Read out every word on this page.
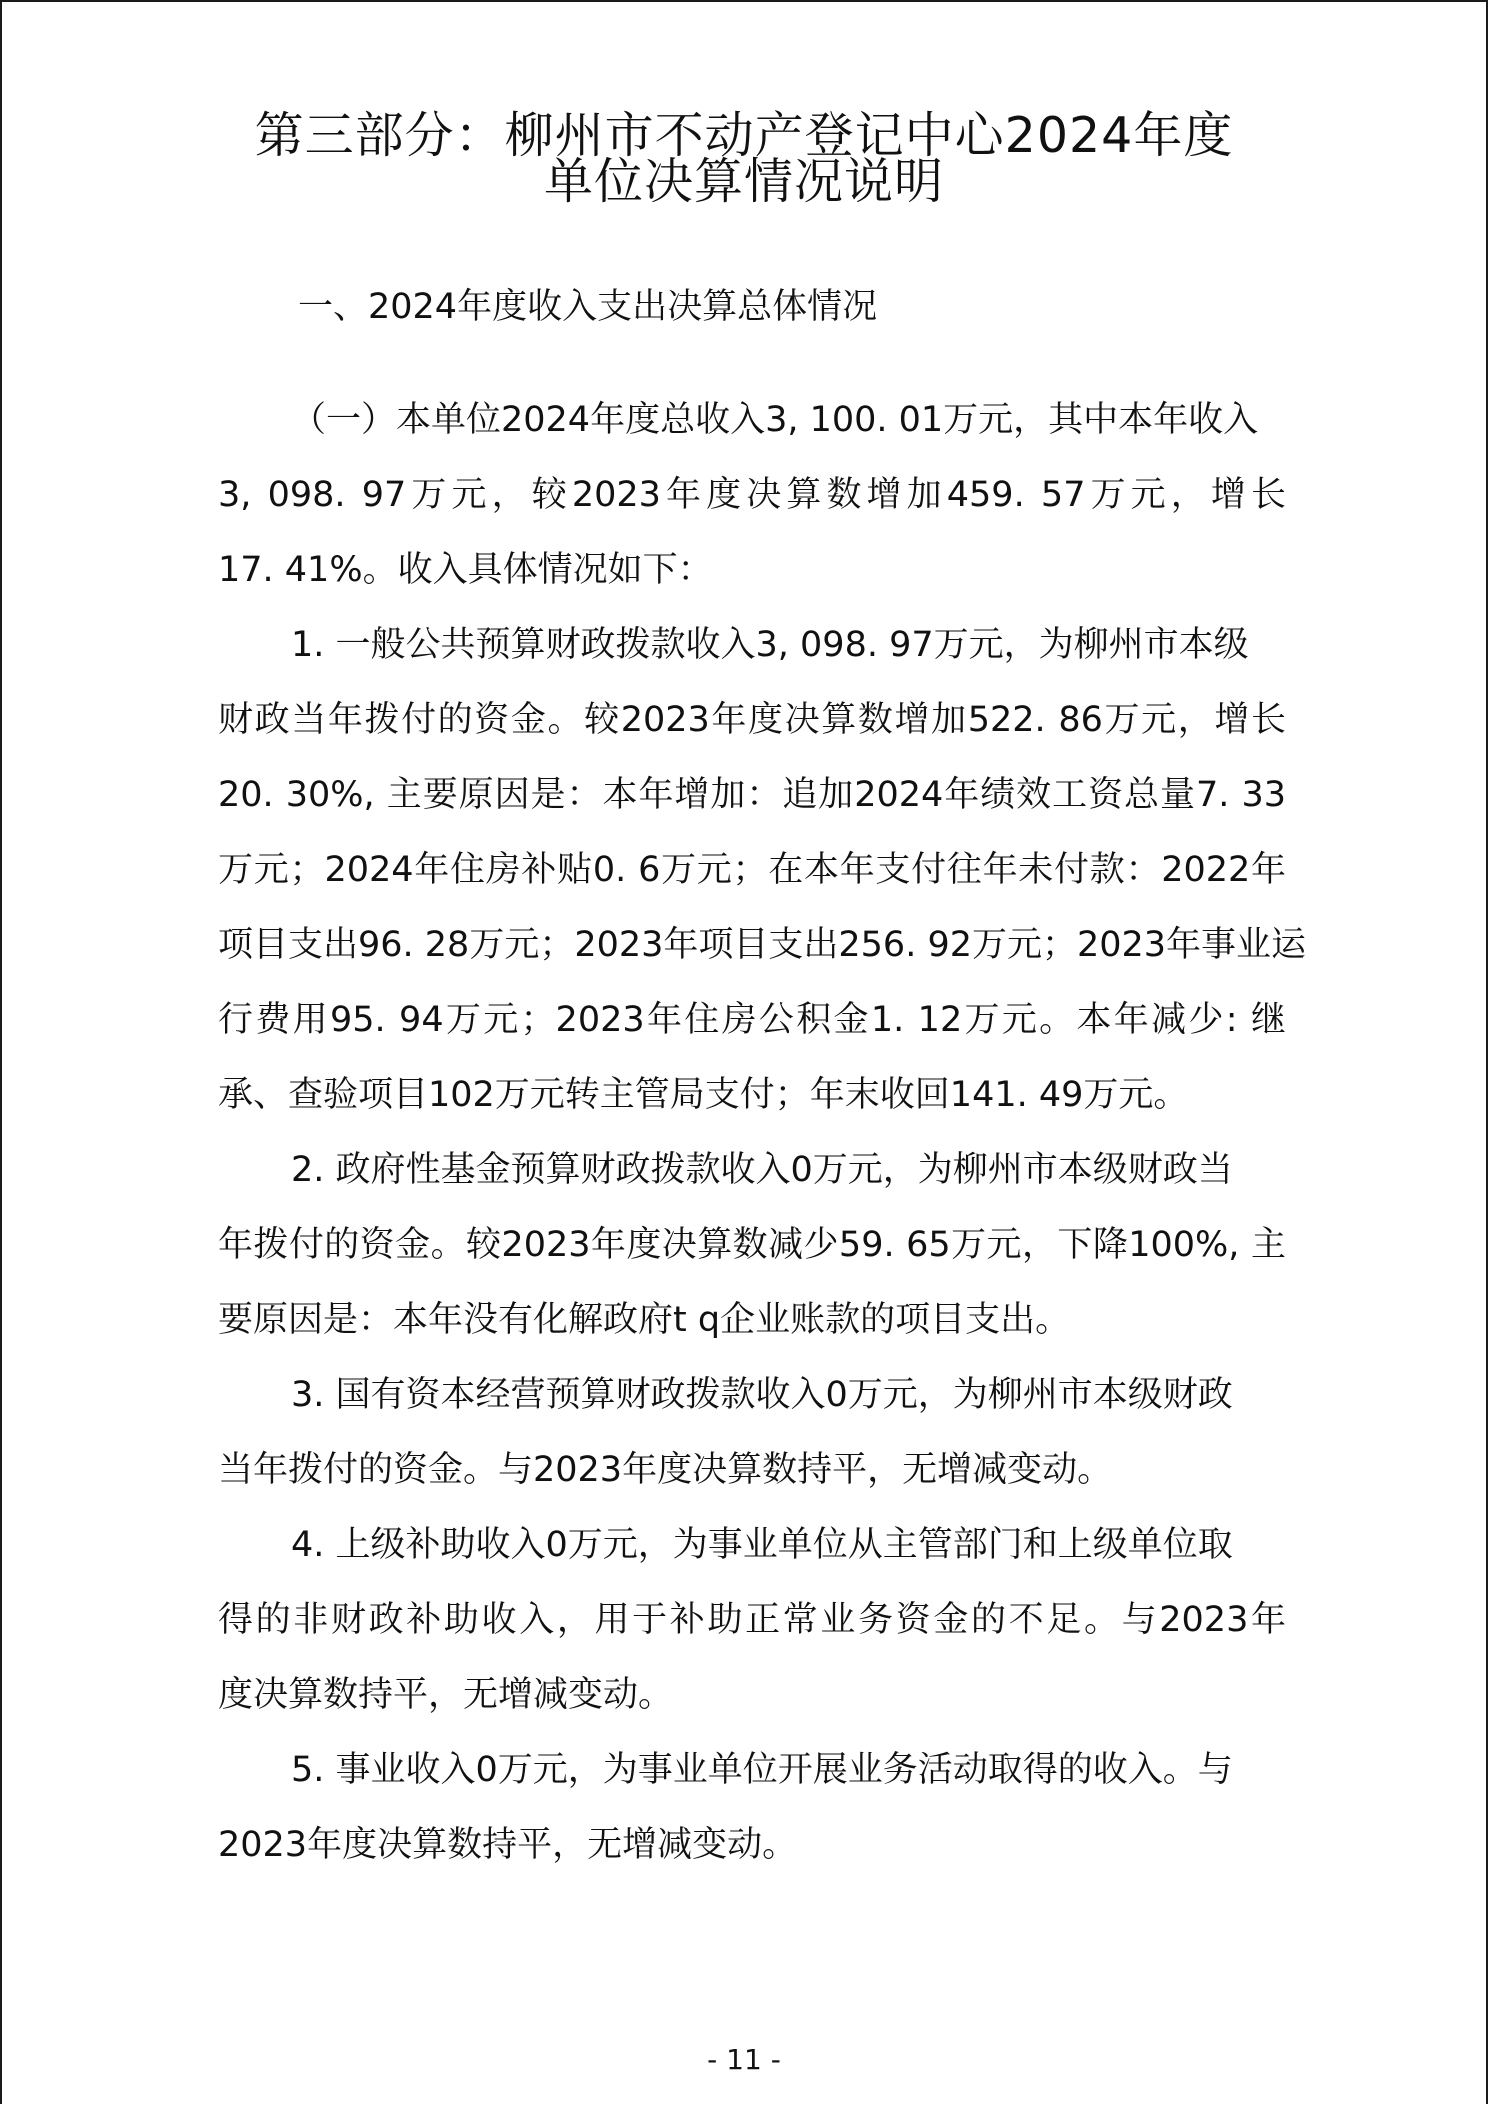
第三部分：柳州市不动产登记中心2024年度
单位决算情况说明
一、2024年度收入支出决算总体情况
（一）本单位2024年度总收入3, 100. 01万元，其中本年收入
3, 098. 97万元，较2023年度决算数增加459. 57万元，增长
17. 41%。收入具体情况如下：
1. 一般公共预算财政拨款收入3, 098. 97万元，为柳州市本级
财政当年拨付的资金。较2023年度决算数增加522. 86万元，增长
20. 30%, 主要原因是：本年增加：追加2024年绩效工资总量7. 33
万元；2024年住房补贴0. 6万元；在本年支付往年未付款：2022年
项目支出96. 28万元；2023年项目支出256. 92万元；2023年事业运
行费用95. 94万元；2023年住房公积金1. 12万元。本年减少: 继
承、查验项目102万元转主管局支付；年末收回141. 49万元。
2. 政府性基金预算财政拨款收入0万元，为柳州市本级财政当
年拨付的资金。较2023年度决算数减少59. 65万元，下降100%, 主
要原因是：本年没有化解政府t q企业账款的项目支出。
3. 国有资本经营预算财政拨款收入0万元，为柳州市本级财政
当年拨付的资金。与2023年度决算数持平，无增减变动。
4. 上级补助收入0万元，为事业单位从主管部门和上级单位取
得的非财政补助收入，用于补助正常业务资金的不足。与2023年
度决算数持平，无增减变动。
5. 事业收入0万元，为事业单位开展业务活动取得的收入。与
2023年度决算数持平，无增减变动。
- 11 -
